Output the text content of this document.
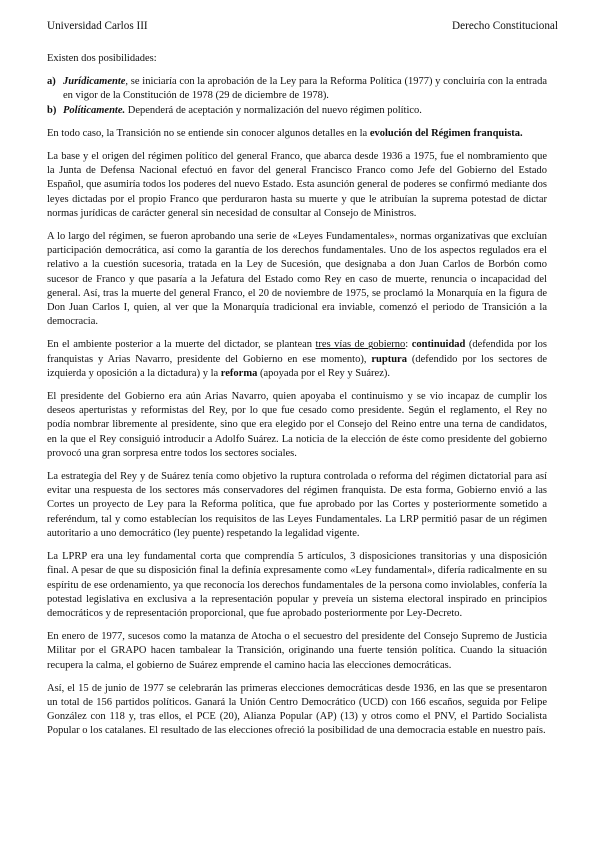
Universidad Carlos III	Derecho Constitucional

Existen dos posibilidades:

a) Jurídicamente, se iniciaría con la aprobación de la Ley para la Reforma Política (1977) y concluiría con la entrada en vigor de la Constitución de 1978 (29 de diciembre de 1978).
b) Políticamente. Dependerá de aceptación y normalización del nuevo régimen político.

En todo caso, la Transición no se entiende sin conocer algunos detalles en la evolución del Régimen franquista.

La base y el origen del régimen político del general Franco, que abarca desde 1936 a 1975, fue el nombramiento que la Junta de Defensa Nacional efectuó en favor del general Francisco Franco como Jefe del Gobierno del Estado Español, que asumiría todos los poderes del nuevo Estado. Esta asunción general de poderes se confirmó mediante dos leyes dictadas por el propio Franco que perduraron hasta su muerte y que le atribuían la suprema potestad de dictar normas jurídicas de carácter general sin necesidad de consultar al Consejo de Ministros.

A lo largo del régimen, se fueron aprobando una serie de «Leyes Fundamentales», normas organizativas que excluían participación democrática, así como la garantía de los derechos fundamentales. Uno de los aspectos regulados era el relativo a la cuestión sucesoria, tratada en la Ley de Sucesión, que designaba a don Juan Carlos de Borbón como sucesor de Franco y que pasaría a la Jefatura del Estado como Rey en caso de muerte, renuncia o incapacidad del general. Así, tras la muerte del general Franco, el 20 de noviembre de 1975, se proclamó la Monarquía en la figura de Don Juan Carlos I, quien, al ver que la Monarquía tradicional era inviable, comenzó el periodo de Transición a la democracia.

En el ambiente posterior a la muerte del dictador, se plantean tres vías de gobierno: continuidad (defendida por los franquistas y Arias Navarro, presidente del Gobierno en ese momento), ruptura (defendido por los sectores de izquierda y oposición a la dictadura) y la reforma (apoyada por el Rey y Suárez).

El presidente del Gobierno era aún Arias Navarro, quien apoyaba el continuismo y se vio incapaz de cumplir los deseos aperturistas y reformistas del Rey, por lo que fue cesado como presidente. Según el reglamento, el Rey no podía nombrar libremente al presidente, sino que era elegido por el Consejo del Reino entre una terna de candidatos, en la que el Rey consiguió introducir a Adolfo Suárez. La noticia de la elección de éste como presidente del gobierno provocó una gran sorpresa entre todos los sectores sociales.

La estrategia del Rey y de Suárez tenía como objetivo la ruptura controlada o reforma del régimen dictatorial para así evitar una respuesta de los sectores más conservadores del régimen franquista. De esta forma, Gobierno envió a las Cortes un proyecto de Ley para la Reforma política, que fue aprobado por las Cortes y posteriormente sometido a referéndum, tal y como establecían los requisitos de las Leyes Fundamentales. La LRP permitió pasar de un régimen autoritario a uno democrático (ley puente) respetando la legalidad vigente.

La LPRP era una ley fundamental corta que comprendía 5 artículos, 3 disposiciones transitorias y una disposición final. A pesar de que su disposición final la definía expresamente como «Ley fundamental», difería radicalmente en su espíritu de ese ordenamiento, ya que reconocía los derechos fundamentales de la persona como inviolables, confería la potestad legislativa en exclusiva a la representación popular y preveía un sistema electoral inspirado en principios democráticos y de representación proporcional, que fue aprobado posteriormente por Ley-Decreto.

En enero de 1977, sucesos como la matanza de Atocha o el secuestro del presidente del Consejo Supremo de Justicia Militar por el GRAPO hacen tambalear la Transición, originando una fuerte tensión política. Cuando la situación recupera la calma, el gobierno de Suárez emprende el camino hacia las elecciones democráticas.

Así, el 15 de junio de 1977 se celebrarán las primeras elecciones democráticas desde 1936, en las que se presentaron un total de 156 partidos políticos. Ganará la Unión Centro Democrático (UCD) con 166 escaños, seguida por Felipe González con 118 y, tras ellos, el PCE (20), Alianza Popular (AP) (13) y otros como el PNV, el Partido Socialista Popular o los catalanes. El resultado de las elecciones ofreció la posibilidad de una democracia estable en nuestro país.
